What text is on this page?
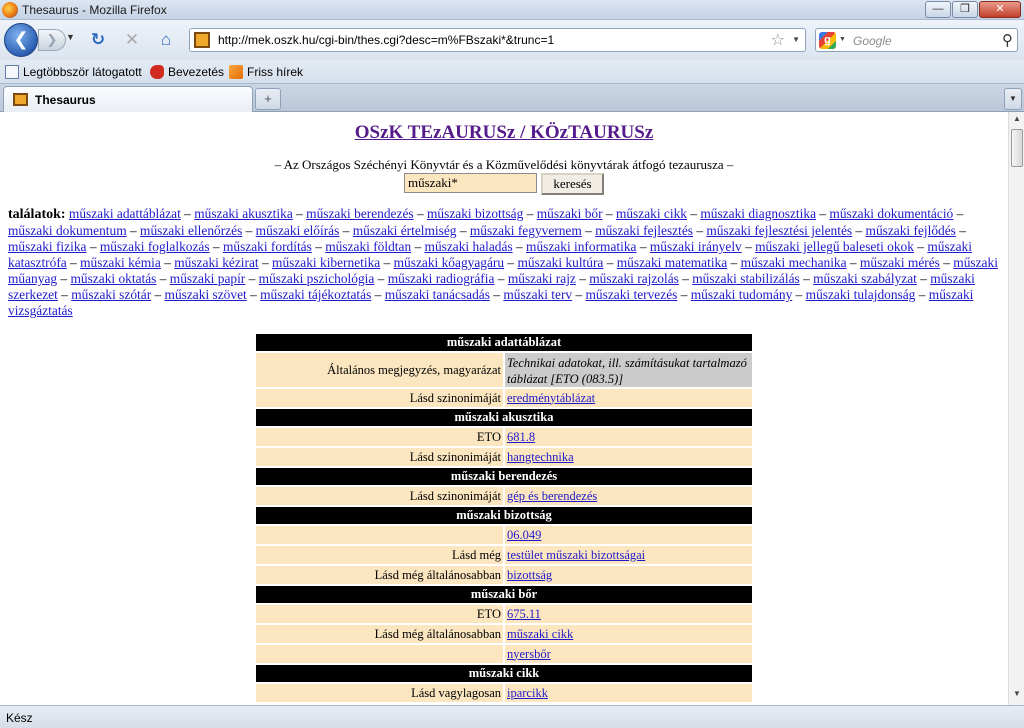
Thesaurus - Mozilla Firefox	—	❐	✕
❮	❯ ▼ ↻ ✕	⌂	http://mek.oszk.hu/cgi-bin/thes.cgi?desc=m%FBszaki*&trunc=1	☆ ▼	g	▼ Google	⚲
Legtöbbször látogatott Bevezetés Friss hírek
Thesaurus	+	▼
OSzK TEzAURUSz / KÖzTAURUSz
– Az Országos Széchényi Könyvtár és a Közművelődési könyvtárak átfogó tezaurusza –
műszaki*
keresés
találatok: műszaki adattáblázat – műszaki akusztika – műszaki berendezés – műszaki bizottság – műszaki bőr – műszaki cikk – műszaki diagnosztika – műszaki dokumentáció – műszaki dokumentum – műszaki ellenőrzés – műszaki előírás – műszaki értelmiség – műszaki fegyvernem – műszaki fejlesztés – műszaki fejlesztési jelentés – műszaki fejlődés – műszaki fizika – műszaki foglalkozás – műszaki fordítás – műszaki földtan – műszaki haladás – műszaki informatika – műszaki irányelv – műszaki jellegű baleseti okok – műszaki katasztrófa – műszaki kémia – műszaki kézirat – műszaki kibernetika – műszaki kőagyagáru – műszaki kultúra – műszaki matematika – műszaki mechanika – műszaki mérés – műszaki műanyag – műszaki oktatás – műszaki papír – műszaki pszichológia – műszaki radiográfia – műszaki rajz – műszaki rajzolás – műszaki stabilizálás – műszaki szabályzat – műszaki szerkezet – műszaki szótár – műszaki szövet – műszaki tájékoztatás – műszaki tanácsadás – műszaki terv – műszaki tervezés – műszaki tudomány – műszaki tulajdonság – műszaki vizsgáztatás
műszaki adattáblázat	
Általános megjegyzés, magyarázat	Technikai adatokat, ill. számításukat tartalmazó táblázat [ETO (083.5)]
Lásd szinonimáját	eredménytáblázat
műszaki akusztika	
ETO	681.8
Lásd szinonimáját	hangtechnika
műszaki berendezés	
Lásd szinonimáját	gép és berendezés
műszaki bizottság	
	06.049
Lásd még	testület műszaki bizottságai
Lásd még általánosabban	bizottság
műszaki bőr	
ETO	675.11
Lásd még általánosabban	műszaki cikk
	nyersbőr
műszaki cikk	
Lásd vagylagosan	iparcikk
▲
▼
Kész
